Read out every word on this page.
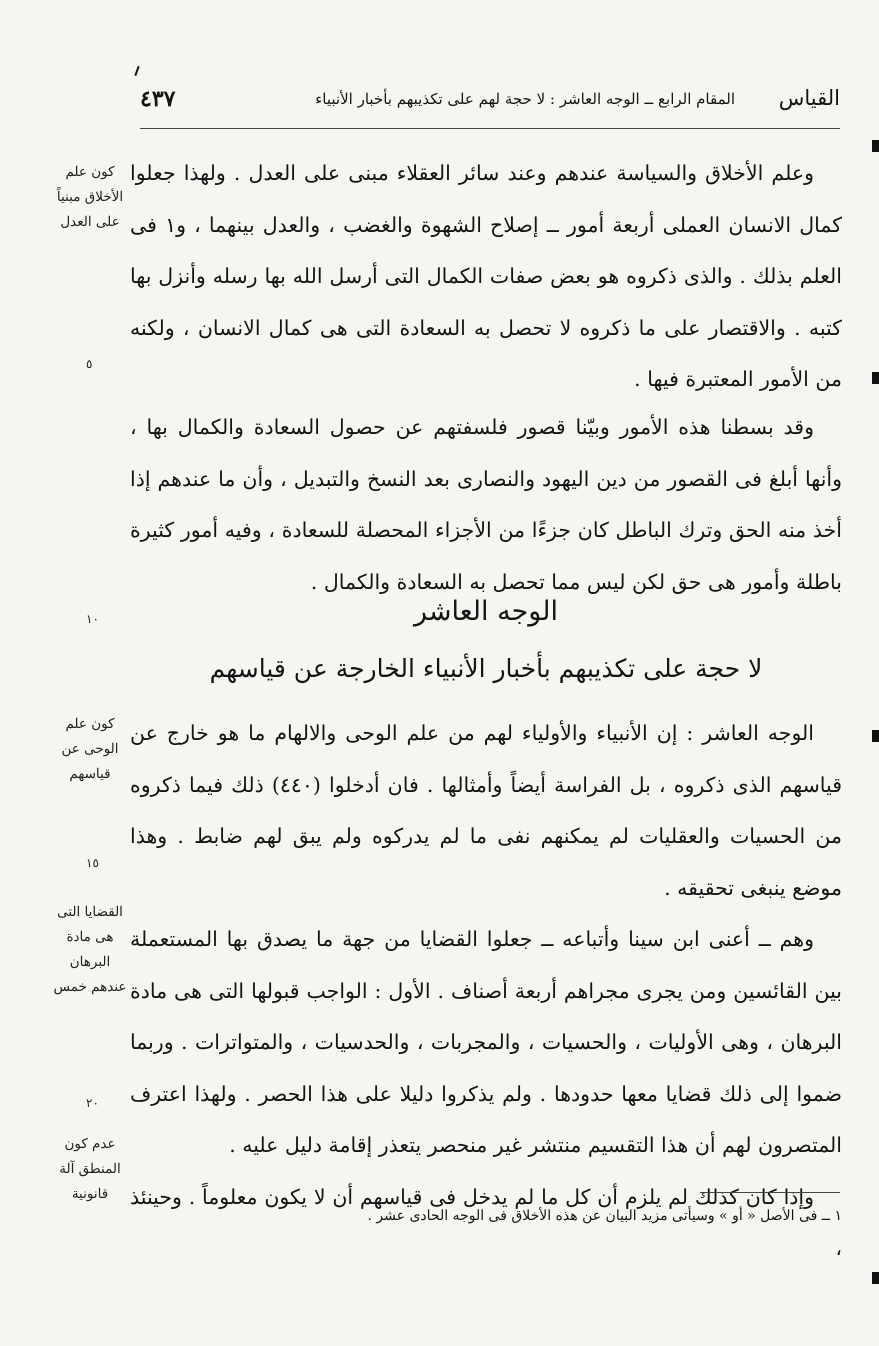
القياس
المقام الرابع ــ الوجه العاشر : لا حجة لهم على تكذيبهم بأخبار الأنبياء
٤٣٧

وعلم الأخلاق والسياسة عندهم وعند سائر العقلاء مبنى على العدل . ولهذا جعلوا كمال الانسان العملى أربعة أمور ــ إصلاح الشهوة والغضب ، والعدل بينهما ، و١ فى العلم بذلك . والذى ذكروه هو بعض صفات الكمال التى أرسل الله بها رسله وأنزل بها كتبه . والاقتصار على ما ذكروه لا تحصل به السعادة التى هى كمال الانسان ، ولكنه من الأمور المعتبرة فيها .

وقد بسطنا هذه الأمور وبيّنا قصور فلسفتهم عن حصول السعادة والكمال بها ، وأنها أبلغ فى القصور من دين اليهود والنصارى بعد النسخ والتبديل ، وأن ما عندهم إذا أخذ منه الحق وترك الباطل كان جزءًا من الأجزاء المحصلة للسعادة ، وفيه أمور كثيرة باطلة وأمور هى حق لكن ليس مما تحصل به السعادة والكمال .

الوجه العاشر
لا حجة على تكذيبهم بأخبار الأنبياء الخارجة عن قياسهم

الوجه العاشر : إن الأنبياء والأولياء لهم من علم الوحى والالهام ما هو خارج عن قياسهم الذى ذكروه ، بل الفراسة أيضاً وأمثالها . فان أدخلوا (٤٤٠) ذلك فيما ذكروه من الحسيات والعقليات لم يمكنهم نفى ما لم يدركوه ولم يبق لهم ضابط . وهذا موضع ينبغى تحقيقه .

وهم ــ أعنى ابن سينا وأتباعه ــ جعلوا القضايا من جهة ما يصدق بها المستعملة بين القائسين ومن يجرى مجراهم أربعة أصناف . الأول : الواجب قبولها التى هى مادة البرهان ، وهى الأوليات ، والحسيات ، والمجربات ، والحدسيات ، والمتواترات . وربما ضموا إلى ذلك قضايا معها حدودها . ولم يذكروا دليلا على هذا الحصر . ولهذا اعترف المتصرون لهم أن هذا التقسيم منتشر غير منحصر يتعذر إقامة دليل عليه .

وإذا كان كذلك لم يلزم أن كل ما لم يدخل فى قياسهم أن لا يكون معلوماً . وحينئذ ،

كون علم الأخلاق مبنياً على العدل
كون علم الوحى عن قياسهم
القضايا التى هى مادة البرهان عندهم خمس
عدم كون المنطق آلة قانونية
٥
١٠
١٥
٢٠
١ ــ فى الأصل « أو » وسيأتى مزيد البيان عن هذه الأخلاق فى الوجه الحادى عشر .
